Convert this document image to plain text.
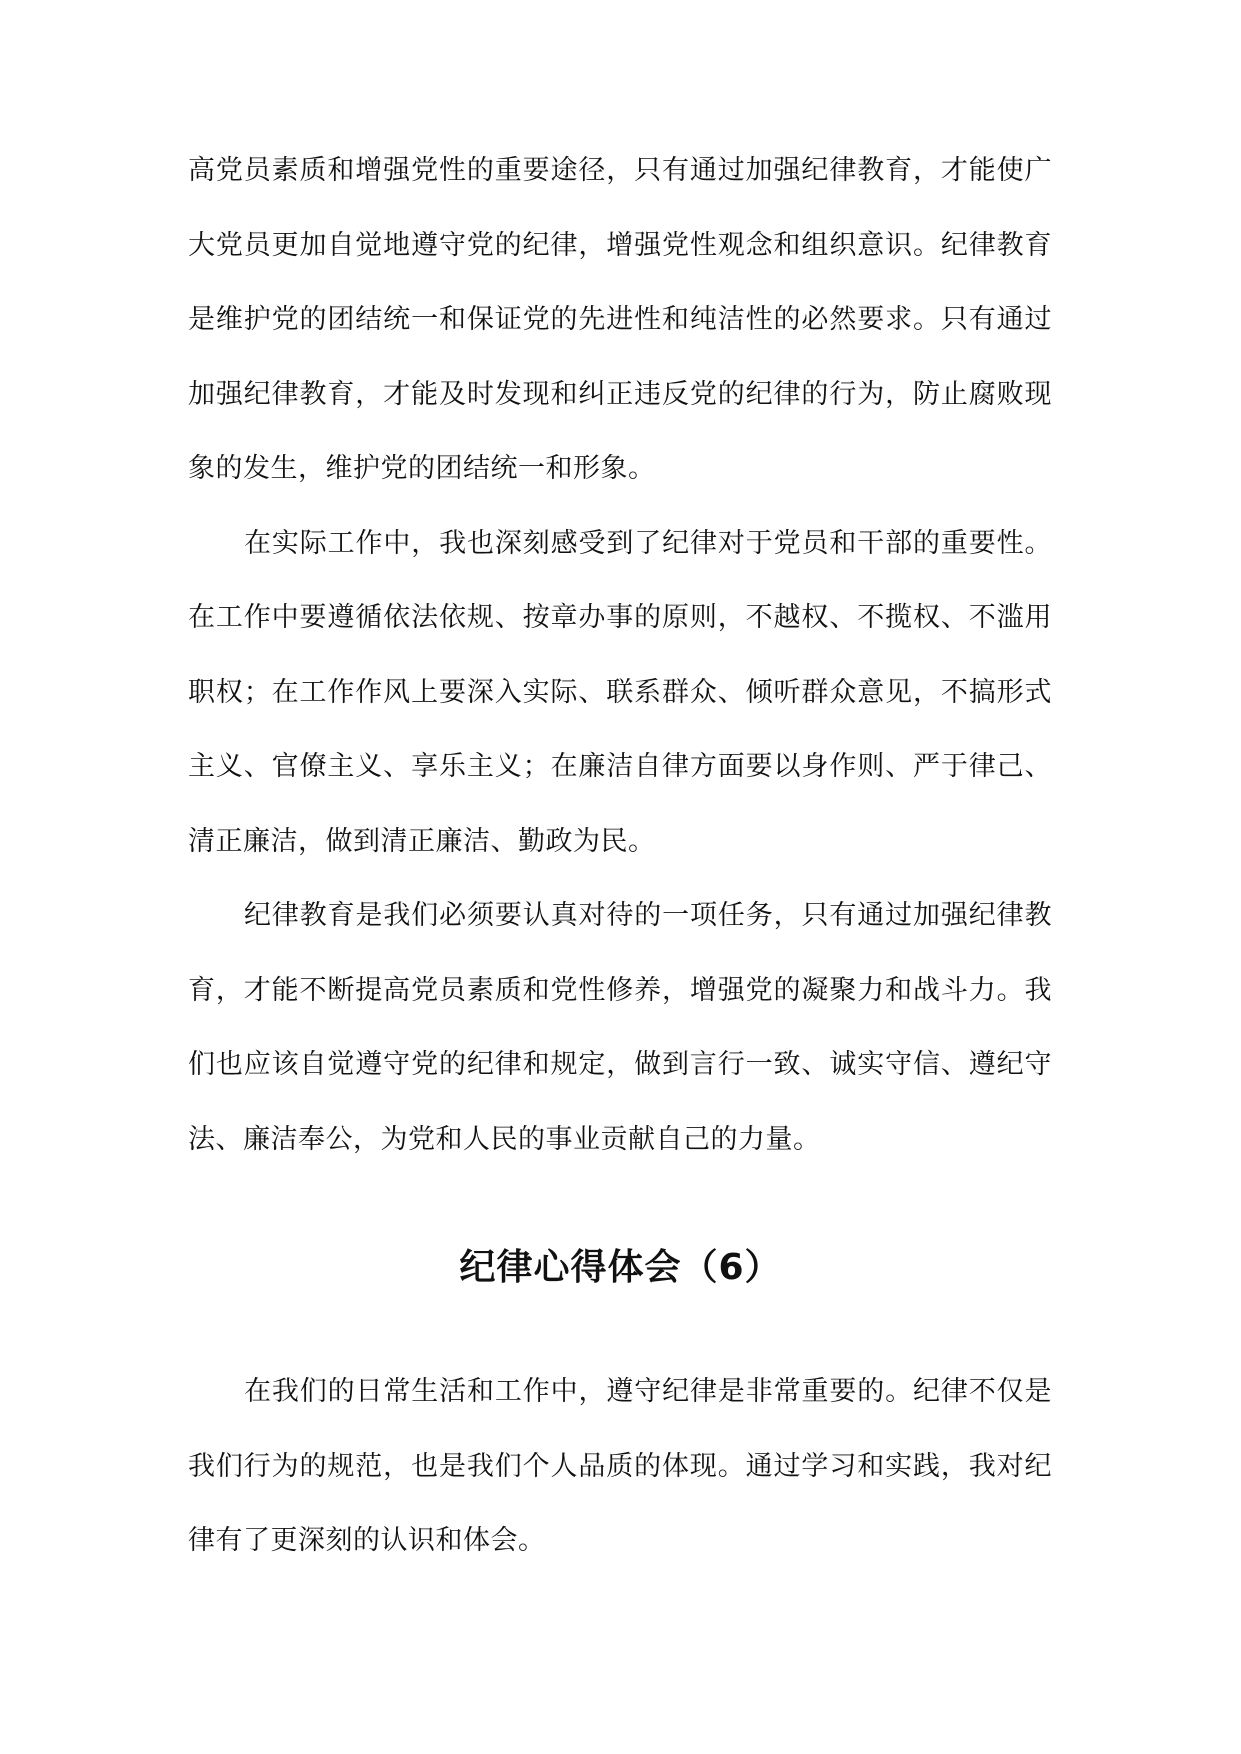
高党员素质和增强党性的重要途径，只有通过加强纪律教育，才能使广大党员更加自觉地遵守党的纪律，增强党性观念和组织意识。纪律教育是维护党的团结统一和保证党的先进性和纯洁性的必然要求。只有通过加强纪律教育，才能及时发现和纠正违反党的纪律的行为，防止腐败现象的发生，维护党的团结统一和形象。

在实际工作中，我也深刻感受到了纪律对于党员和干部的重要性。在工作中要遵循依法依规、按章办事的原则，不越权、不揽权、不滥用职权；在工作作风上要深入实际、联系群众、倾听群众意见，不搞形式主义、官僚主义、享乐主义；在廉洁自律方面要以身作则、严于律己、清正廉洁，做到清正廉洁、勤政为民。

纪律教育是我们必须要认真对待的一项任务，只有通过加强纪律教育，才能不断提高党员素质和党性修养，增强党的凝聚力和战斗力。我们也应该自觉遵守党的纪律和规定，做到言行一致、诚实守信、遵纪守法、廉洁奉公，为党和人民的事业贡献自己的力量。

纪律心得体会（6）

在我们的日常生活和工作中，遵守纪律是非常重要的。纪律不仅是我们行为的规范，也是我们个人品质的体现。通过学习和实践，我对纪律有了更深刻的认识和体会。
